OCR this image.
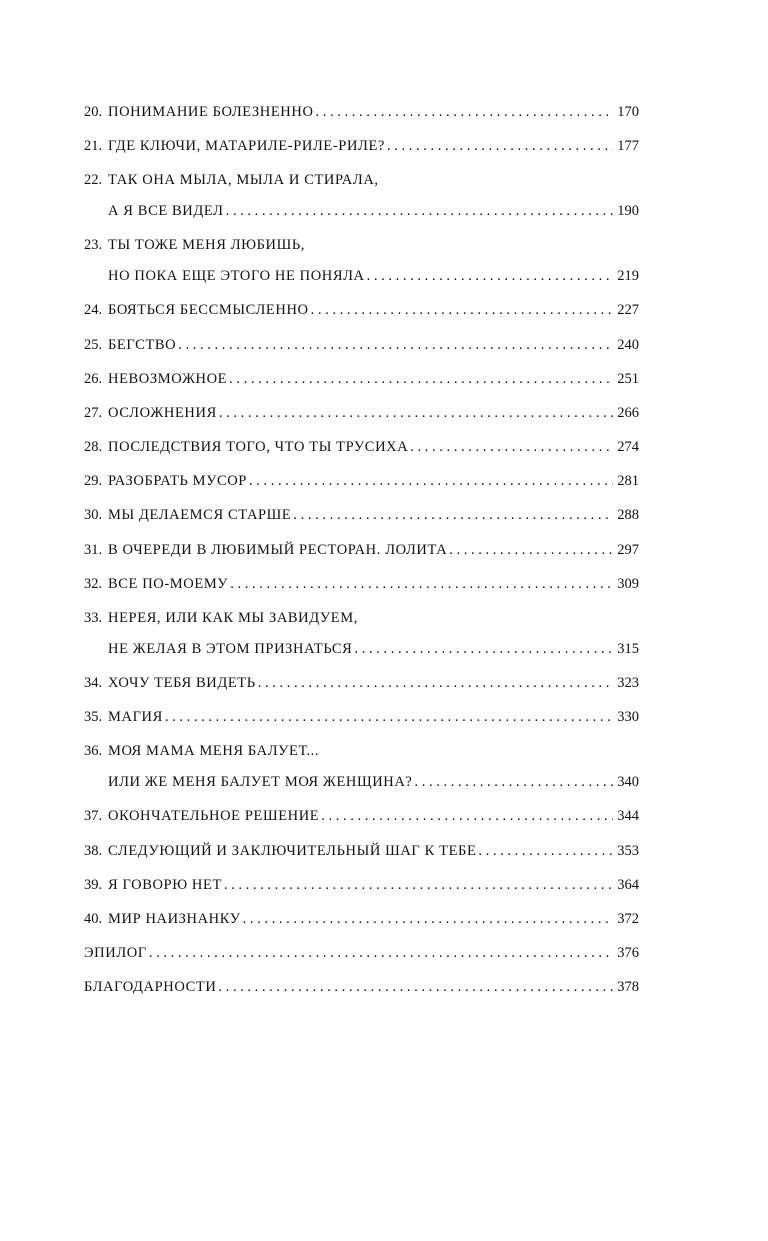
20. ПОНИМАНИЕ БОЛЕЗНЕННО . . .	170
21. ГДЕ КЛЮЧИ, МАТАРИЛЕ-РИЛЕ-РИЛЕ? . . .	177
22. ТАК ОНА МЫЛА, МЫЛА И СТИРАЛА,
А Я ВСЕ ВИДЕЛ . . .	190
23. ТЫ ТОЖЕ МЕНЯ ЛЮБИШЬ,
НО ПОКА ЕЩЕ ЭТОГО НЕ ПОНЯЛА . . .	219
24. БОЯТЬСЯ БЕССМЫСЛЕННО . . .	227
25. БЕГСТВО . . .	240
26. НЕВОЗМОЖНОЕ . . .	251
27. ОСЛОЖНЕНИЯ . . .	266
28. ПОСЛЕДСТВИЯ ТОГО, ЧТО ТЫ ТРУСИХА . . .	274
29. РАЗОБРАТЬ МУСОР . . .	281
30. МЫ ДЕЛАЕМСЯ СТАРШЕ . . .	288
31. В ОЧЕРЕДИ В ЛЮБИМЫЙ РЕСТОРАН. ЛОЛИТА . . .	297
32. ВСЕ ПО-МОЕМУ . . .	309
33. НЕРЕЯ, ИЛИ КАК МЫ ЗАВИДУЕМ,
НЕ ЖЕЛАЯ В ЭТОМ ПРИЗНАТЬСЯ . . .	315
34. ХОЧУ ТЕБЯ ВИДЕТЬ . . .	323
35. МАГИЯ . . .	330
36. МОЯ МАМА МЕНЯ БАЛУЕТ...
ИЛИ ЖЕ МЕНЯ БАЛУЕТ МОЯ ЖЕНЩИНА? . . .	340
37. ОКОНЧАТЕЛЬНОЕ РЕШЕНИЕ . . .	344
38. СЛЕДУЮЩИЙ И ЗАКЛЮЧИТЕЛЬНЫЙ ШАГ К ТЕБЕ . . .	353
39. Я ГОВОРЮ НЕТ . . .	364
40. МИР НАИЗНАНКУ . . .	372
ЭПИЛОГ . . .	376
БЛАГОДАРНОСТИ . . .	378
